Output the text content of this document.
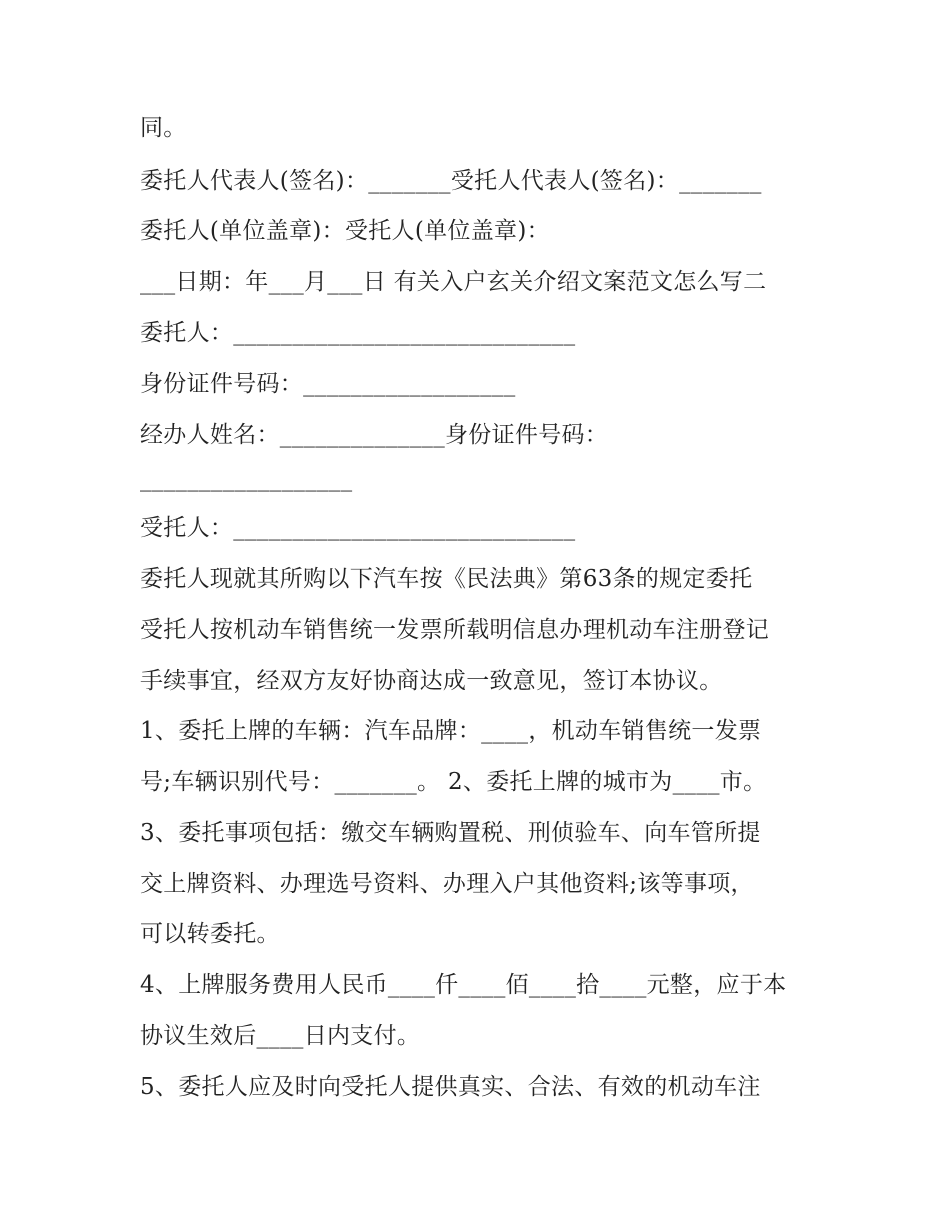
同。
委托人代表人(签名)：_______受托人代表人(签名)：_______
委托人(单位盖章)：受托人(单位盖章)：
___日期：年___月___日 有关入户玄关介绍文案范文怎么写二
委托人：_____________________________
身份证件号码：__________________
经办人姓名：______________身份证件号码：
__________________
受托人：_____________________________
委托人现就其所购以下汽车按《民法典》第63条的规定委托
受托人按机动车销售统一发票所载明信息办理机动车注册登记
手续事宜，经双方友好协商达成一致意见，签订本协议。
1、委托上牌的车辆：汽车品牌：____，机动车销售统一发票
号;车辆识别代号：_______。 2、委托上牌的城市为____市。
3、委托事项包括：缴交车辆购置税、刑侦验车、向车管所提
交上牌资料、办理选号资料、办理入户其他资料;该等事项，
可以转委托。
4、上牌服务费用人民币____仟____佰____拾____元整，应于本
协议生效后____日内支付。
5、委托人应及时向受托人提供真实、合法、有效的机动车注
